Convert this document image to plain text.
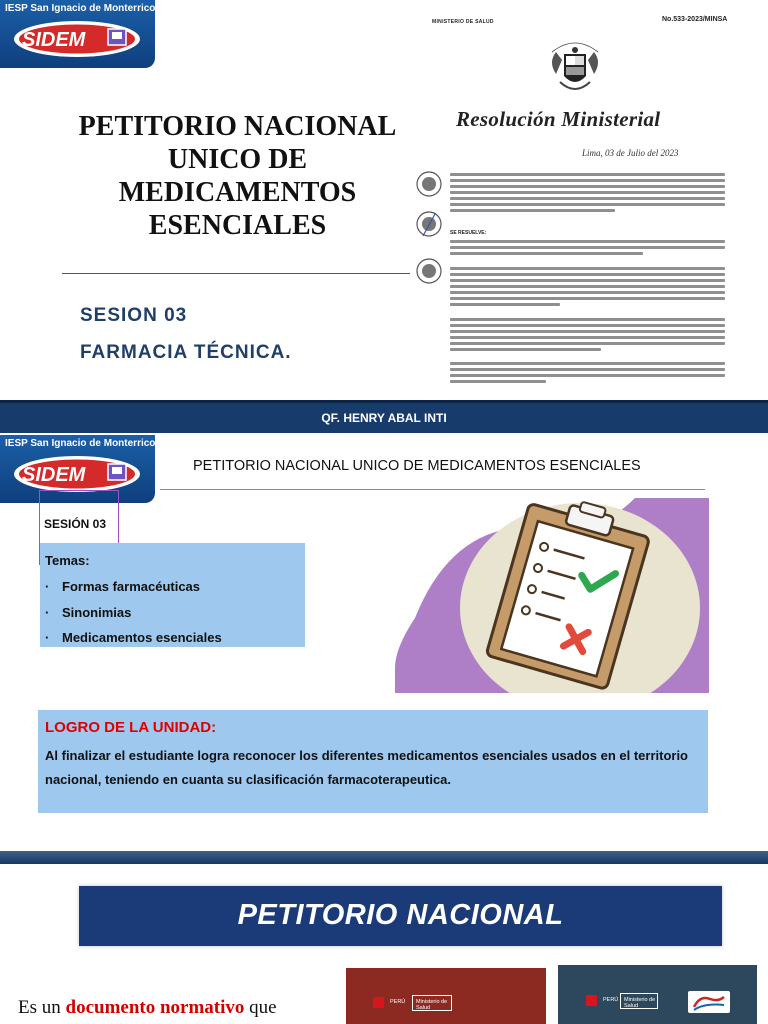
IESP San Ignacio de Monterrico
SIDEM
PETITORIO NACIONAL UNICO DE MEDICAMENTOS ESENCIALES
SESION 03
FARMACIA TÉCNICA.
MINISTERIO DE SALUD	No.533-2023/MINSA
Resolución Ministerial
Lima, 03 de Julio del 2023
SE RESUELVE:
QF. HENRY ABAL INTI
IESP San Ignacio de Monterrico
SIDEM	PETITORIO NACIONAL UNICO DE MEDICAMENTOS ESENCIALES
SESIÓN 03
Temas:
· Formas farmacéuticas
· Sinonimias
· Medicamentos esenciales
LOGRO DE LA UNIDAD:
Al finalizar el estudiante logra reconocer los diferentes medicamentos esenciales usados en el territorio nacional, teniendo en cuanta su clasificación farmacoterapeutica.
PETITORIO NACIONAL
Es un documento normativo que	PERÚ Ministerio de Salud
PERÚ Ministerio de Salud
